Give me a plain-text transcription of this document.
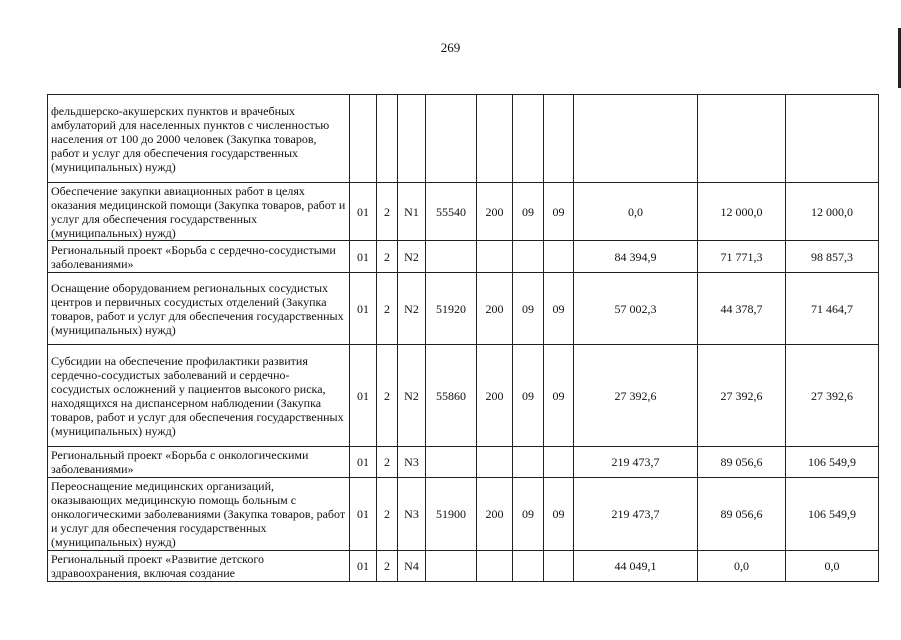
269
фельдшерско-акушерских пунктов и врачебных амбулаторий для населенных пунктов с численностью населения от 100 до 2000 человек (Закупка товаров, работ и услуг для обеспечения государственных (муниципальных) нужд)										
Обеспечение закупки авиационных работ в целях оказания медицинской помощи (Закупка товаров, работ и услуг для обеспечения государственных (муниципальных) нужд)	01	2	N1	55540	200	09	09	0,0	12 000,0	12 000,0
Региональный проект «Борьба с сердечно-сосудистыми заболеваниями»	01	2	N2					84 394,9	71 771,3	98 857,3
Оснащение оборудованием региональных сосудистых центров и первичных сосудистых отделений (Закупка товаров, работ и услуг для обеспечения государственных (муниципальных) нужд)	01	2	N2	51920	200	09	09	57 002,3	44 378,7	71 464,7
Субсидии на обеспечение профилактики развития сердечно-сосудистых заболеваний и сердечно-сосудистых осложнений у пациентов высокого риска, находящихся на диспансерном наблюдении (Закупка товаров, работ и услуг для обеспечения государственных (муниципальных) нужд)	01	2	N2	55860	200	09	09	27 392,6	27 392,6	27 392,6
Региональный проект «Борьба с онкологическими заболеваниями»	01	2	N3					219 473,7	89 056,6	106 549,9
Переоснащение медицинских организаций, оказывающих медицинскую помощь больным с онкологическими заболеваниями (Закупка товаров, работ и услуг для обеспечения государственных (муниципальных) нужд)	01	2	N3	51900	200	09	09	219 473,7	89 056,6	106 549,9
Региональный проект «Развитие детского здравоохранения, включая создание	01	2	N4					44 049,1	0,0	0,0
